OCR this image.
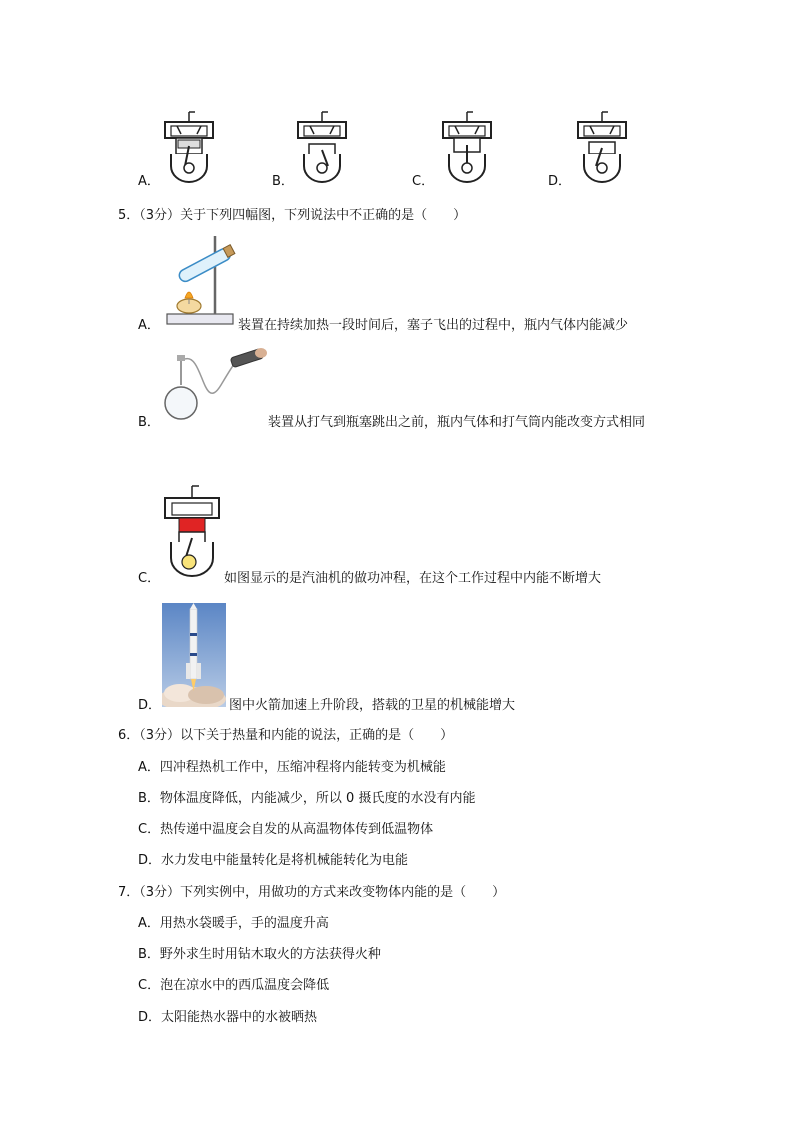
A．	B．	C．	D．
5．（3分）关于下列四幅图，下列说法中不正确的是（　　）
A．	装置在持续加热一段时间后，塞子飞出的过程中，瓶内气体内能减少
B．	装置从打气到瓶塞跳出之前，瓶内气体和打气筒内能改变方式相同
C．	如图显示的是汽油机的做功冲程，在这个工作过程中内能不断增大
D．	图中火箭加速上升阶段，搭载的卫星的机械能增大
6．（3分）以下关于热量和内能的说法，正确的是（　　）
A．四冲程热机工作中，压缩冲程将内能转变为机械能
B．物体温度降低，内能减少，所以 0 摄氏度的水没有内能
C．热传递中温度会自发的从高温物体传到低温物体
D．水力发电中能量转化是将机械能转化为电能
7．（3分）下列实例中，用做功的方式来改变物体内能的是（　　）
A．用热水袋暖手，手的温度升高
B．野外求生时用钻木取火的方法获得火种
C．泡在凉水中的西瓜温度会降低
D．太阳能热水器中的水被晒热
